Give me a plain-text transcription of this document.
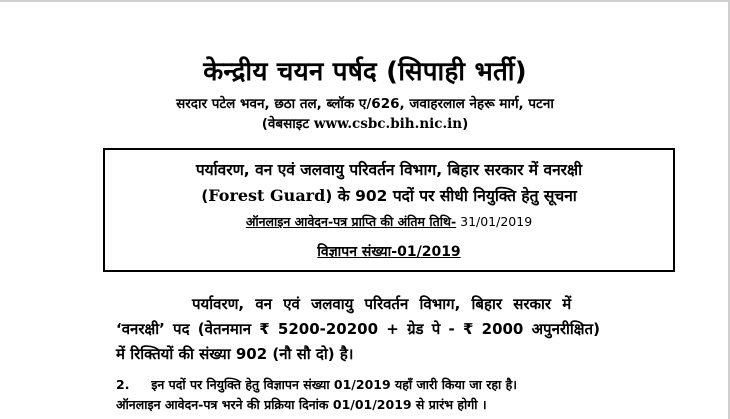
केन्द्रीय चयन पर्षद (सिपाही भर्ती)
सरदार पटेल भवन, छठा तल, ब्लॉक ए/626, जवाहरलाल नेहरू मार्ग, पटना
(वेबसाइट www.csbc.bih.nic.in)
पर्यावरण, वन एवं जलवायु परिवर्तन विभाग, बिहार सरकार में वनरक्षी
(Forest Guard) के 902 पदों पर सीधी नियुक्ति हेतु सूचना
ऑनलाइन आवेदन-पत्र प्राप्ति की अंतिम तिथि- 31/01/2019
विज्ञापन संख्या-01/2019
पर्यावरण, वन एवं जलवायु परिवर्तन विभाग, बिहार सरकार में
‘वनरक्षी’ पद (वेतनमान ₹ 5200-20200 + ग्रेड पे - ₹ 2000 अपुनरीक्षित)
में रिक्तियों की संख्या 902 (नौ सौ दो) है।
2.     इन पदों पर नियुक्ति हेतु विज्ञापन संख्या 01/2019 यहाँ जारी किया जा रहा है।
ऑनलाइन आवेदन-पत्र भरने की प्रक्रिया दिनांक 01/01/2019 से प्रारंभ होगी ।
